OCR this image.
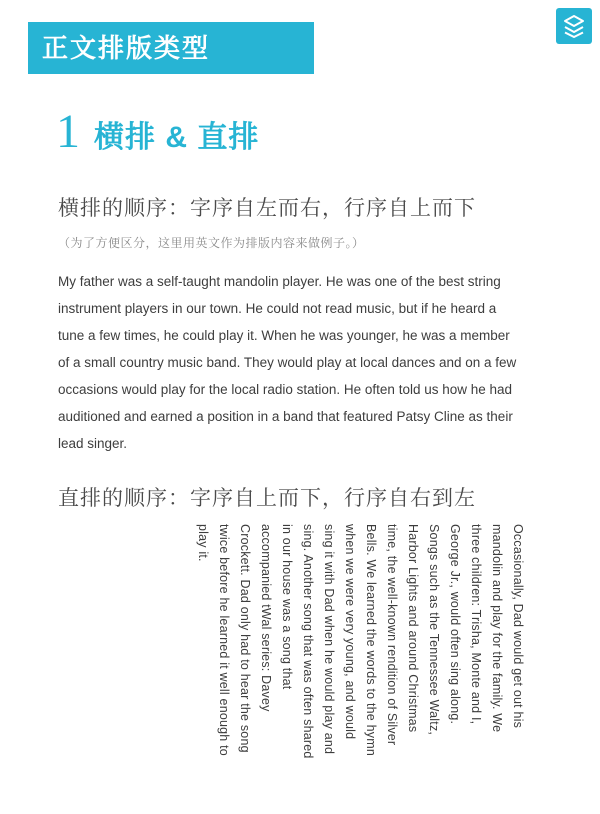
正文排版类型
1 横排 & 直排
横排的顺序：字序自左而右，行序自上而下
（为了方便区分，这里用英文作为排版内容来做例子。）
My father was a self-taught mandolin player. He was one of the best string instrument players in our town. He could not read music, but if he heard a tune a few times, he could play it. When he was younger, he was a member of a small country music band. They would play at local dances and on a few occasions would play for the local radio station. He often told us how he had auditioned and earned a position in a band that featured Patsy Cline as their lead singer.
直排的顺序：字序自上而下，行序自右到左
Occasionally, Dad would get out his mandolin and play for the family. We three children: Trisha, Monte and I, George Jr., would often sing along. Songs such as the Tennessee Waltz, Harbor Lights and around Christmas time, the well-known rendition of Silver Bells. We learned the words to the hymn when we were very young, and would sing it with Dad when he would play and sing. Another song that was often shared in our house was a song that accompanied tWal series: Davey Crockett. Dad only had to hear the song twice before he learned it well enough to play it.
